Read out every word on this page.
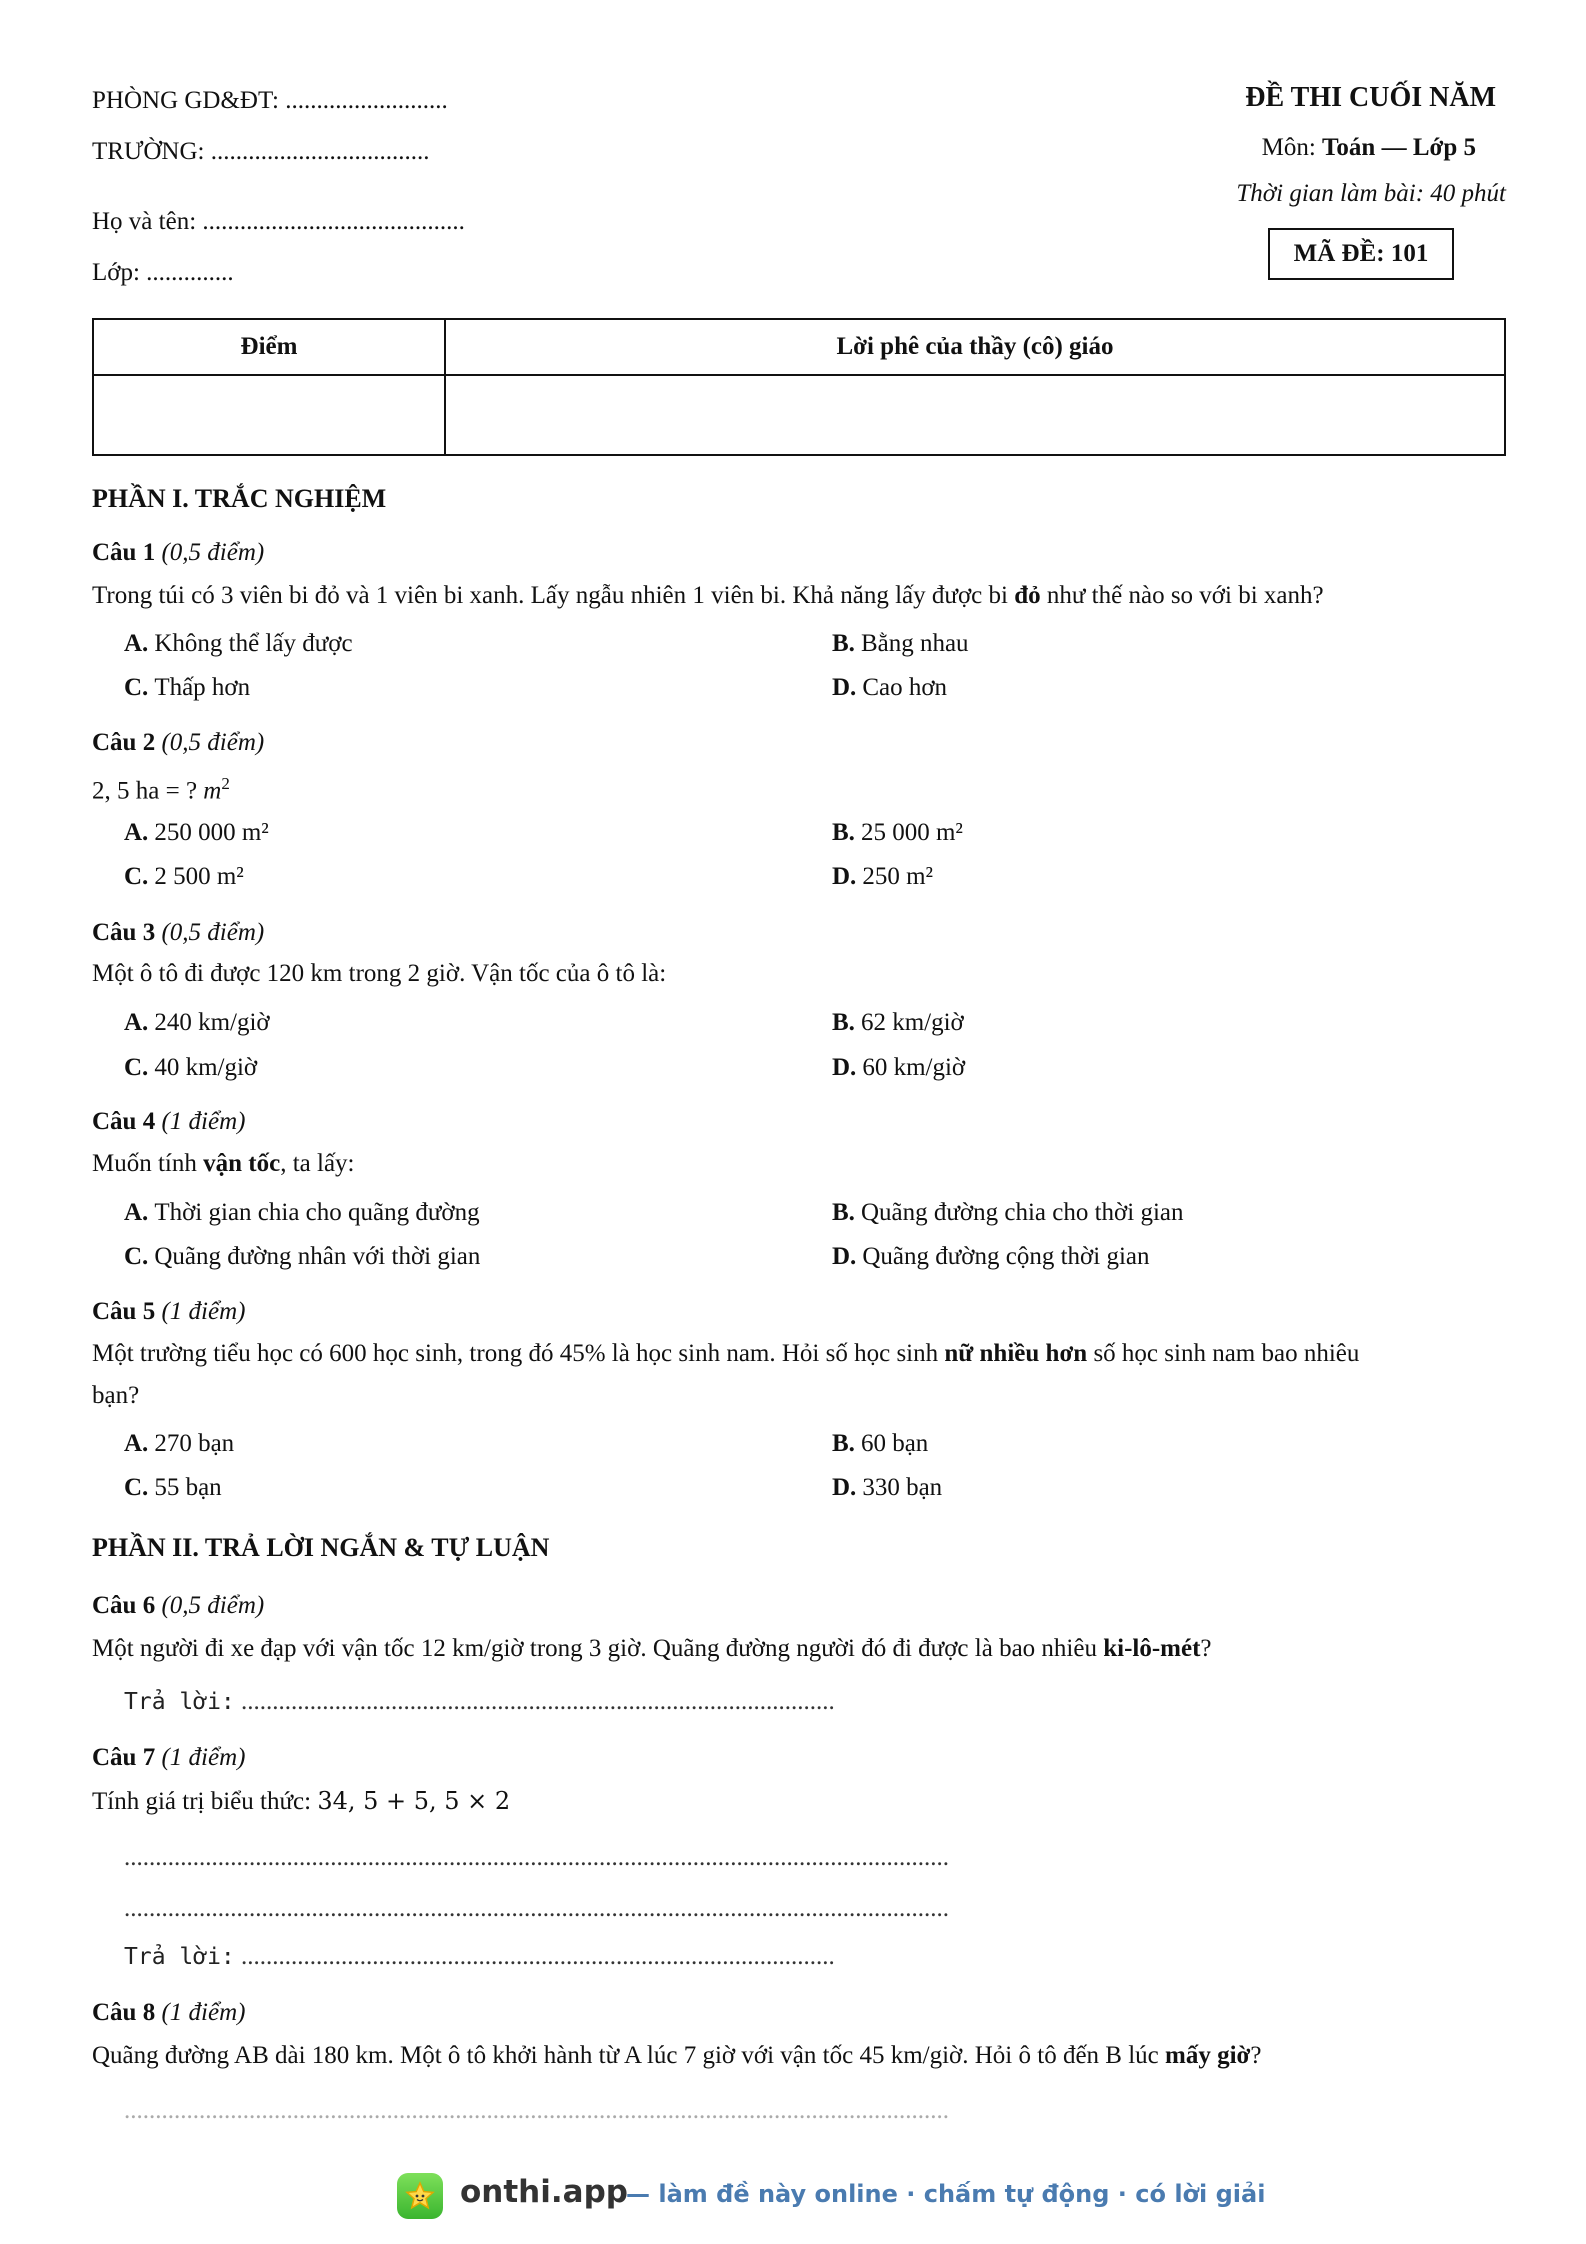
PHÒNG GD&ĐT: ..........................
TRƯỜNG: ...................................
Họ và tên: ..........................................
Lớp: ..............
ĐỀ THI CUỐI NĂM
Môn: Toán — Lớp 5
Thời gian làm bài: 40 phút
MÃ ĐỀ: 101
Điểm	Lời phê của thầy (cô) giáo

PHẦN I. TRẮC NGHIỆM
Câu 1 (0,5 điểm)
Trong túi có 3 viên bi đỏ và 1 viên bi xanh. Lấy ngẫu nhiên 1 viên bi. Khả năng lấy được bi đỏ như thế nào so với bi xanh?
A. Không thể lấy được	B. Bằng nhau
C. Thấp hơn	D. Cao hơn
Câu 2 (0,5 điểm)
2, 5 ha = ? $m^2$
A. 250 000 m²	B. 25 000 m²
C. 2 500 m²	D. 250 m²
Câu 3 (0,5 điểm)
Một ô tô đi được 120 km trong 2 giờ. Vận tốc của ô tô là:
A. 240 km/giờ	B. 62 km/giờ
C. 40 km/giờ	D. 60 km/giờ
Câu 4 (1 điểm)
Muốn tính vận tốc, ta lấy:
A. Thời gian chia cho quãng đường	B. Quãng đường chia cho thời gian
C. Quãng đường nhân với thời gian	D. Quãng đường cộng thời gian
Câu 5 (1 điểm)
Một trường tiểu học có 600 học sinh, trong đó 45% là học sinh nam. Hỏi số học sinh nữ nhiều hơn số học sinh nam bao nhiêu
bạn?
A. 270 bạn	B. 60 bạn
C. 55 bạn	D. 330 bạn
PHẦN II. TRẢ LỜI NGẮN & TỰ LUẬN
Câu 6 (0,5 điểm)
Một người đi xe đạp với vận tốc 12 km/giờ trong 3 giờ. Quãng đường người đó đi được là bao nhiêu ki-lô-mét?
Trả lời: ...............................................................................................
Câu 7 (1 điểm)
Tính giá trị biểu thức: 34, 5 + 5, 5 × 2
....................................................................................................................................
....................................................................................................................................
Trả lời: ...............................................................................................
Câu 8 (1 điểm)
Quãng đường AB dài 180 km. Một ô tô khởi hành từ A lúc 7 giờ với vận tốc 45 km/giờ. Hỏi ô tô đến B lúc mấy giờ?
....................................................................................................................................
onthi.app
— làm đề này online · chấm tự động · có lời giải
